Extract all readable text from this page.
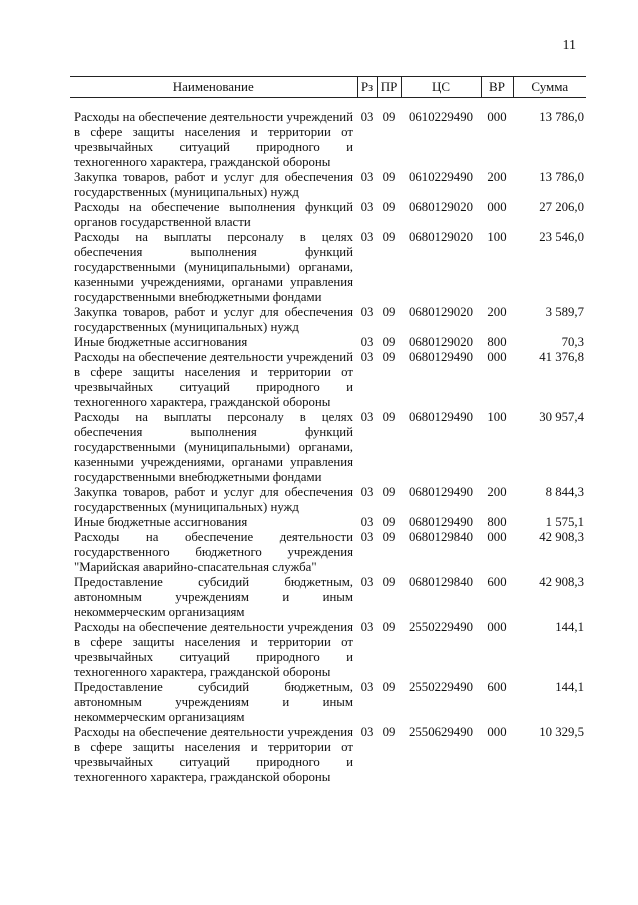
11
Наименование	Рз	ПР	ЦС	ВР	Сумма
Расходы на обеспечение деятельности учреждений в сфере защиты населения и территории от чрезвычайных ситуаций природного и техногенного характера, гражданской обороны	03	09	0610229490	000	13 786,0
Закупка товаров, работ и услуг для обеспечения государственных (муниципальных) нужд	03	09	0610229490	200	13 786,0
Расходы на обеспечение выполнения функций органов государственной власти	03	09	0680129020	000	27 206,0
Расходы на выплаты персоналу в целях обеспечения выполнения функций государственными (муниципальными) органами, казенными учреждениями, органами управления государственными внебюджетными фондами	03	09	0680129020	100	23 546,0
Закупка товаров, работ и услуг для обеспечения государственных (муниципальных) нужд	03	09	0680129020	200	3 589,7
Иные бюджетные ассигнования	03	09	0680129020	800	70,3
Расходы на обеспечение деятельности учреждений в сфере защиты населения и территории от чрезвычайных ситуаций природного и техногенного характера, гражданской обороны	03	09	0680129490	000	41 376,8
Расходы на выплаты персоналу в целях обеспечения выполнения функций государственными (муниципальными) органами, казенными учреждениями, органами управления государственными внебюджетными фондами	03	09	0680129490	100	30 957,4
Закупка товаров, работ и услуг для обеспечения государственных (муниципальных) нужд	03	09	0680129490	200	8 844,3
Иные бюджетные ассигнования	03	09	0680129490	800	1 575,1
Расходы на обеспечение деятельности государственного бюджетного учреждения "Марийская аварийно-спасательная служба"	03	09	0680129840	000	42 908,3
Предоставление субсидий бюджетным, автономным учреждениям и иным некоммерческим организациям	03	09	0680129840	600	42 908,3
Расходы на обеспечение деятельности учреждения в сфере защиты населения и территории от чрезвычайных ситуаций природного и техногенного характера, гражданской обороны	03	09	2550229490	000	144,1
Предоставление субсидий бюджетным, автономным учреждениям и иным некоммерческим организациям	03	09	2550229490	600	144,1
Расходы на обеспечение деятельности учреждения в сфере защиты населения и территории от чрезвычайных ситуаций природного и техногенного характера, гражданской обороны	03	09	2550629490	000	10 329,5
